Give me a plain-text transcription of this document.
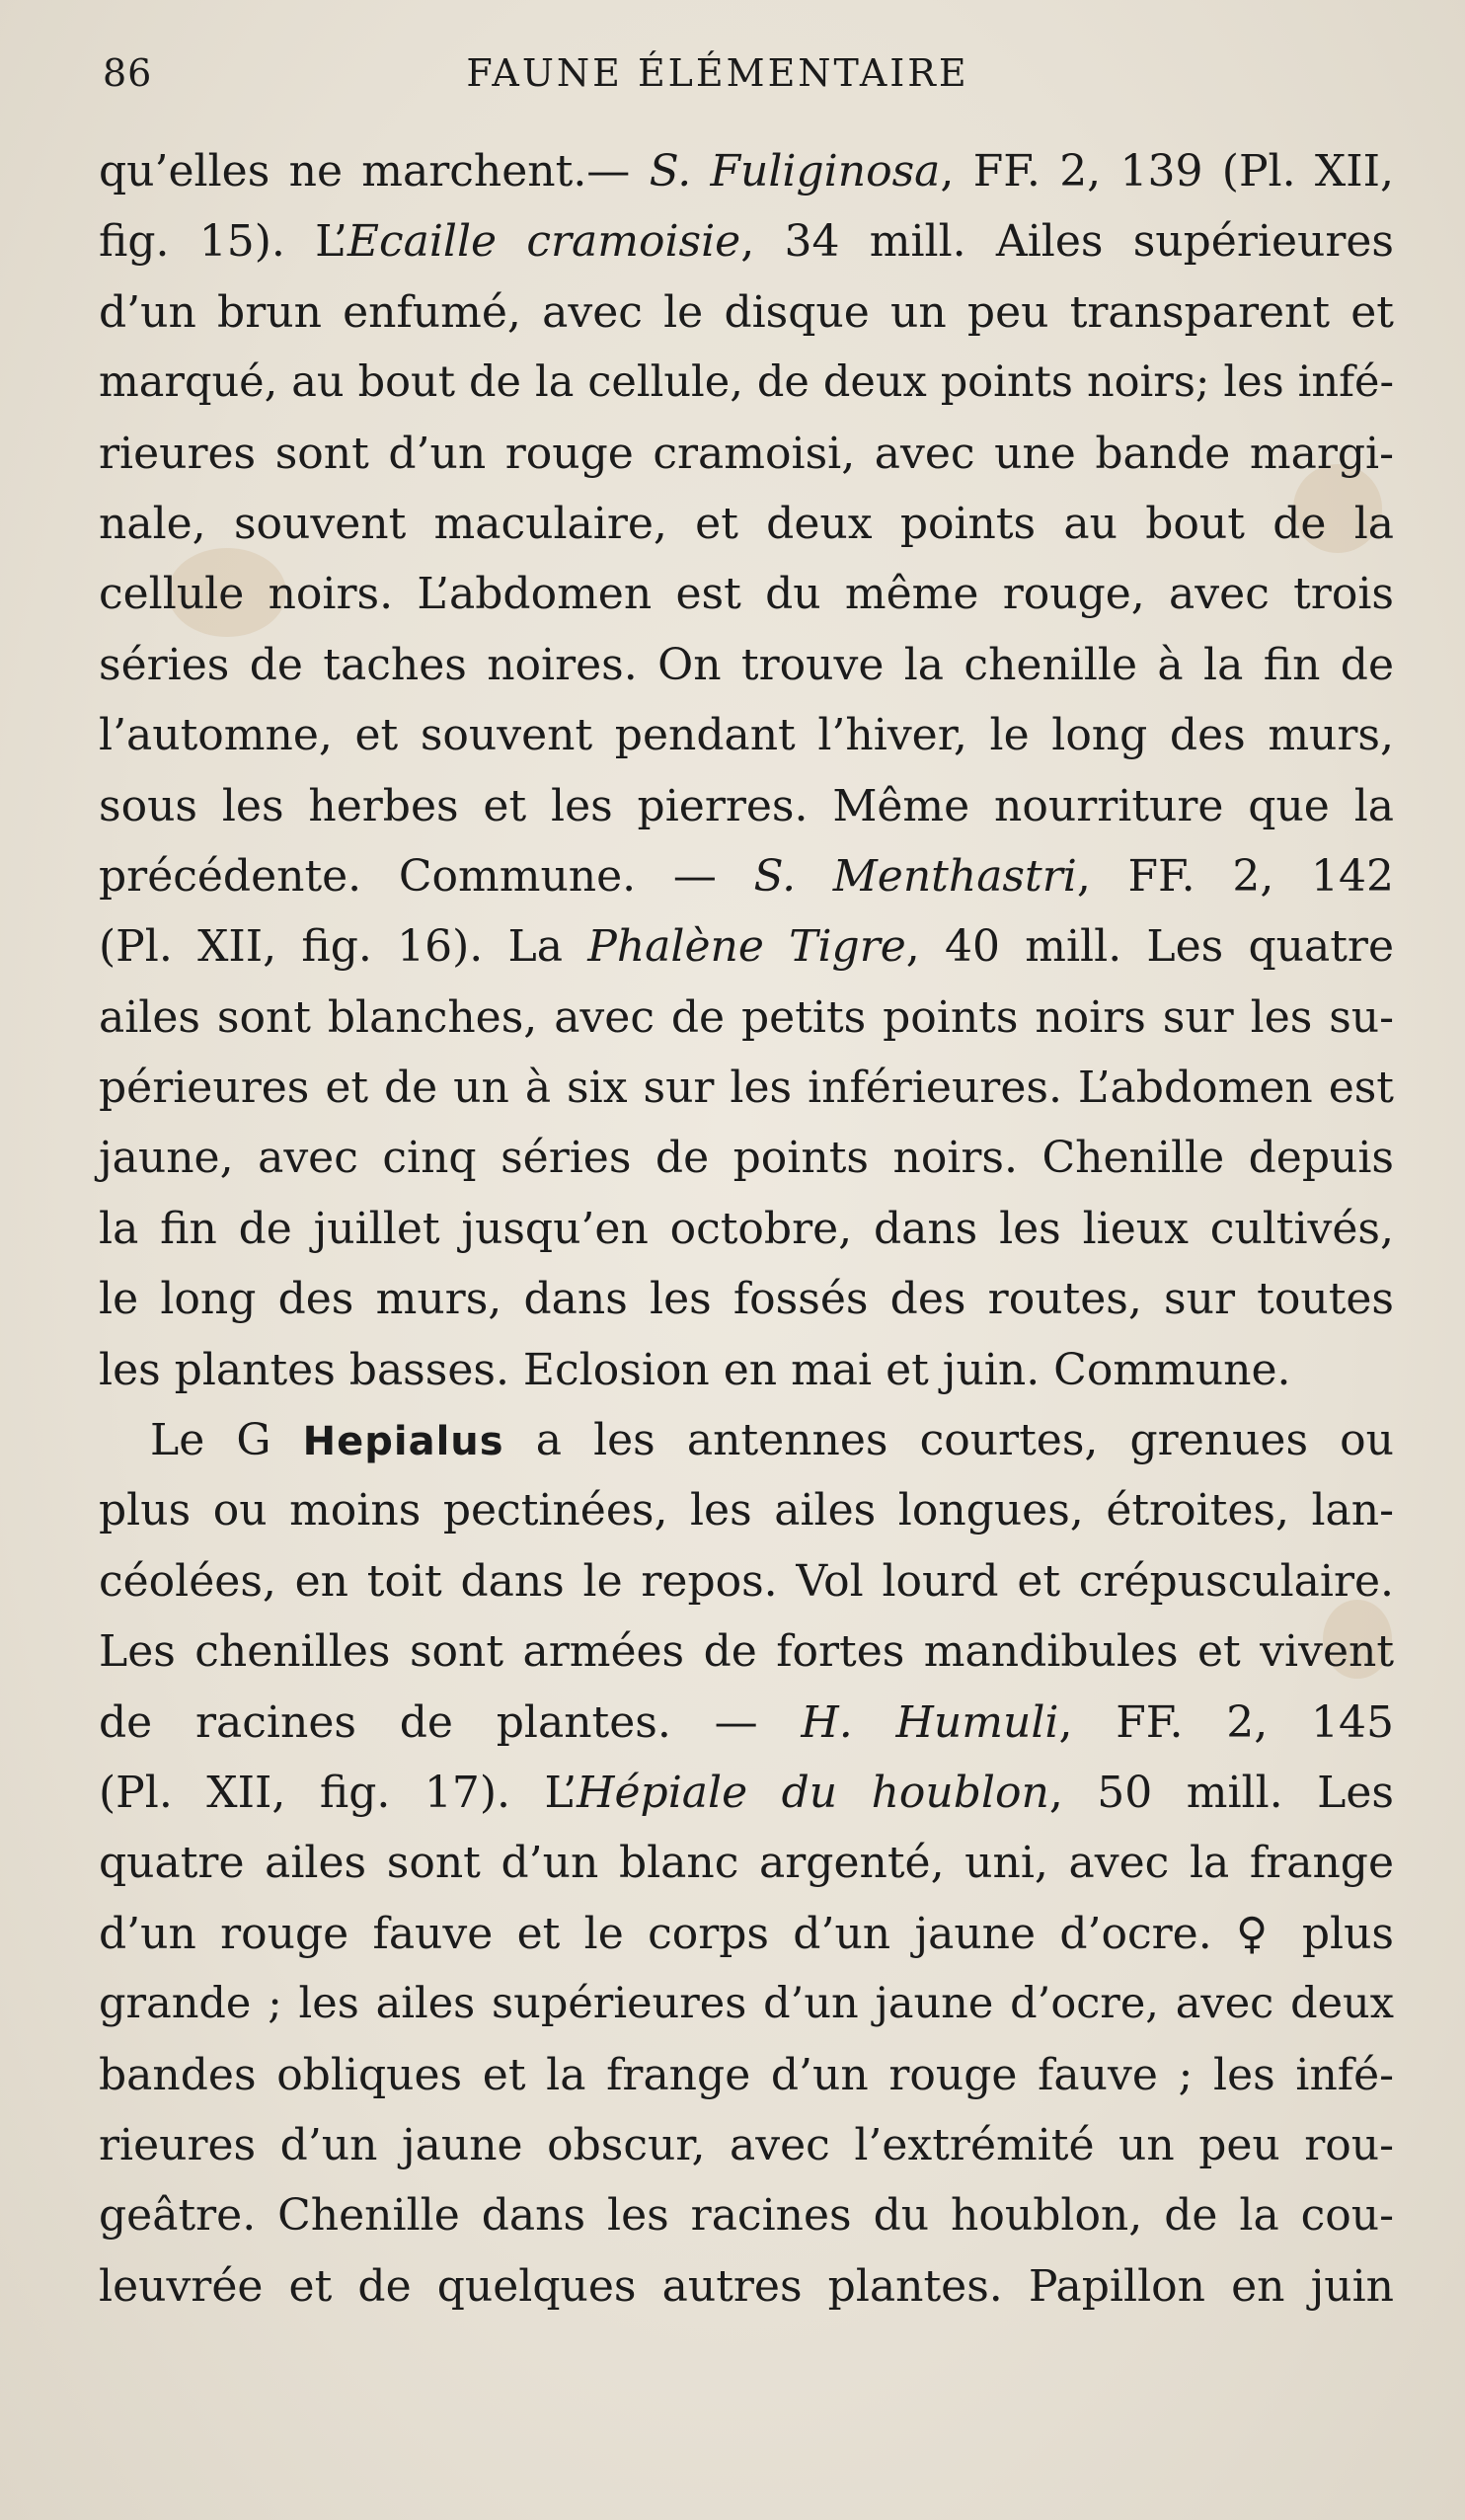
86	FAUNE ÉLÉMENTAIRE
qu’elles ne marchent.— S. Fuliginosa, FF. 2, 139 (Pl. XII,
fig. 15). L’Ecaille cramoisie, 34 mill. Ailes supérieures
d’un brun enfumé, avec le disque un peu transparent et
marqué, au bout de la cellule, de deux points noirs; les infé-
rieures sont d’un rouge cramoisi, avec une bande margi-
nale, souvent maculaire, et deux points au bout de la
cellule noirs. L’abdomen est du même rouge, avec trois
séries de taches noires. On trouve la chenille à la fin de
l’automne, et souvent pendant l’hiver, le long des murs,
sous les herbes et les pierres. Même nourriture que la
précédente. Commune. — S. Menthastri, FF. 2, 142
(Pl. XII, fig. 16). La Phalène Tigre, 40 mill. Les quatre
ailes sont blanches, avec de petits points noirs sur les su-
périeures et de un à six sur les inférieures. L’abdomen est
jaune, avec cinq séries de points noirs. Chenille depuis
la fin de juillet jusqu’en octobre, dans les lieux cultivés,
le long des murs, dans les fossés des routes, sur toutes
les plantes basses. Eclosion en mai et juin. Commune.
Le G Hepialus a les antennes courtes, grenues ou
plus ou moins pectinées, les ailes longues, étroites, lan-
céolées, en toit dans le repos. Vol lourd et crépusculaire.
Les chenilles sont armées de fortes mandibules et vivent
de racines de plantes. — H. Humuli, FF. 2, 145
(Pl. XII, fig. 17). L’Hépiale du houblon, 50 mill. Les
quatre ailes sont d’un blanc argenté, uni, avec la frange
d’un rouge fauve et le corps d’un jaune d’ocre. ♀ plus
grande ; les ailes supérieures d’un jaune d’ocre, avec deux
bandes obliques et la frange d’un rouge fauve ; les infé-
rieures d’un jaune obscur, avec l’extrémité un peu rou-
geâtre. Chenille dans les racines du houblon, de la cou-
leuvrée et de quelques autres plantes. Papillon en juin
